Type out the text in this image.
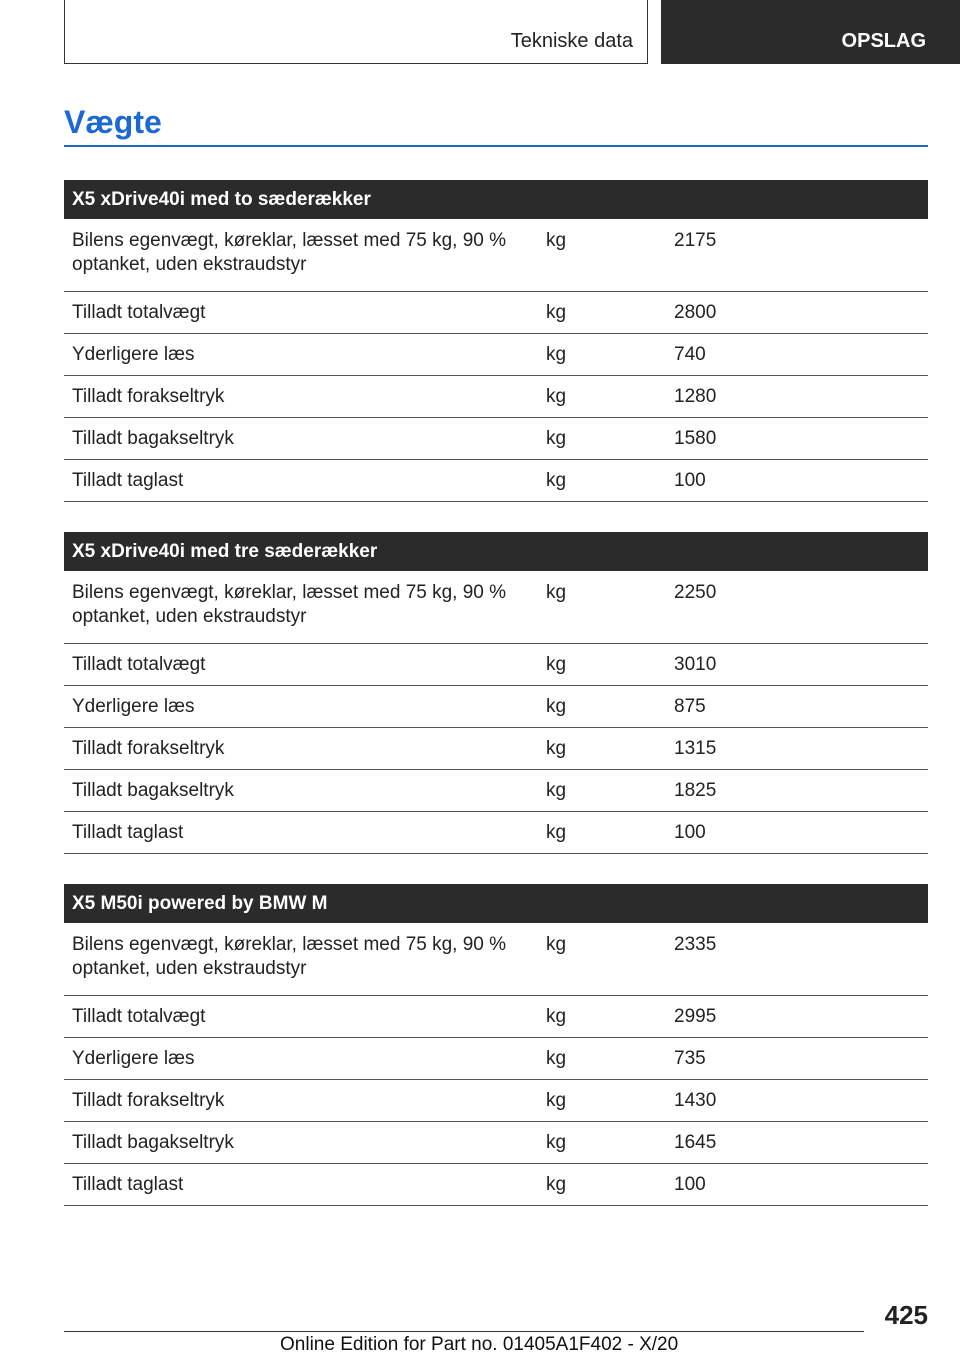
Tekniske data	OPSLAG
Vægte
X5 xDrive40i med to sæderækker		
Bilens egenvægt, køreklar, læsset med 75 kg, 90 % optanket, uden ekstraudstyr	kg	2175
Tilladt totalvægt	kg	2800
Yderligere læs	kg	740
Tilladt forakseltryk	kg	1280
Tilladt bagakseltryk	kg	1580
Tilladt taglast	kg	100
X5 xDrive40i med tre sæderækker		
Bilens egenvægt, køreklar, læsset med 75 kg, 90 % optanket, uden ekstraudstyr	kg	2250
Tilladt totalvægt	kg	3010
Yderligere læs	kg	875
Tilladt forakseltryk	kg	1315
Tilladt bagakseltryk	kg	1825
Tilladt taglast	kg	100
X5 M50i powered by BMW M		
Bilens egenvægt, køreklar, læsset med 75 kg, 90 % optanket, uden ekstraudstyr	kg	2335
Tilladt totalvægt	kg	2995
Yderligere læs	kg	735
Tilladt forakseltryk	kg	1430
Tilladt bagakseltryk	kg	1645
Tilladt taglast	kg	100
425
Online Edition for Part no. 01405A1F402 - X/20
